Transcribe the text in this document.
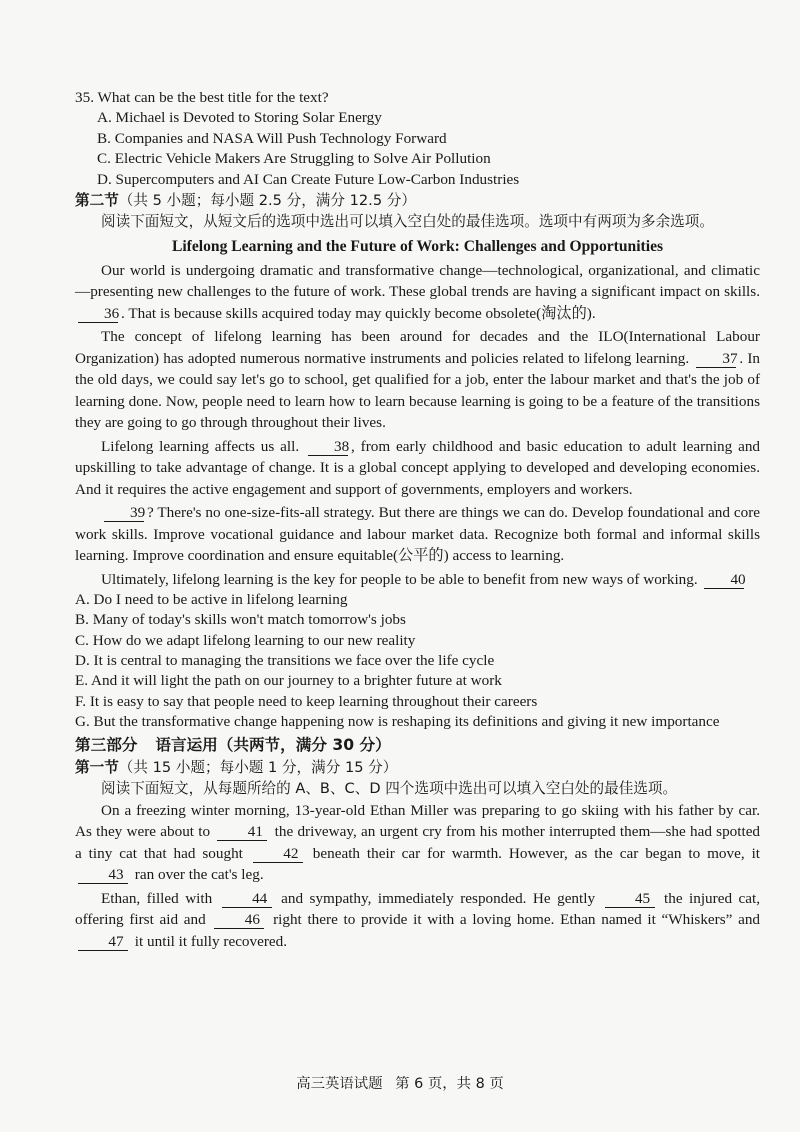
35. What can be the best title for the text?

A. Michael is Devoted to Storing Solar Energy

B. Companies and NASA Will Push Technology Forward

C. Electric Vehicle Makers Are Struggling to Solve Air Pollution

D. Supercomputers and AI Can Create Future Low-Carbon Industries

第二节（共 5 小题；每小题 2.5 分，满分 12.5 分）

阅读下面短文，从短文后的选项中选出可以填入空白处的最佳选项。选项中有两项为多余选项。

Lifelong Learning and the Future of Work: Challenges and Opportunities

Our world is undergoing dramatic and transformative change—technological, organizational, and climatic—presenting new challenges to the future of work. These global trends are having a significant impact on skills. 36 . That is because skills acquired today may quickly become obsolete(淘汰的).

The concept of lifelong learning has been around for decades and the ILO(International Labour Organization) has adopted numerous normative instruments and policies related to lifelong learning. 37 . In the old days, we could say let's go to school, get qualified for a job, enter the labour market and that's the job of learning done. Now, people need to learn how to learn because learning is going to be a feature of the transitions they are going to go through throughout their lives.

Lifelong learning affects us all. 38 , from early childhood and basic education to adult learning and upskilling to take advantage of change. It is a global concept applying to developed and developing economies. And it requires the active engagement and support of governments, employers and workers.

39 ? There's no one-size-fits-all strategy. But there are things we can do. Develop foundational and core work skills. Improve vocational guidance and labour market data. Recognize both formal and informal skills learning. Improve coordination and ensure equitable(公平的) access to learning.

Ultimately, lifelong learning is the key for people to be able to benefit from new ways of working. 40

A. Do I need to be active in lifelong learning

B. Many of today's skills won't match tomorrow's jobs

C. How do we adapt lifelong learning to our new reality

D. It is central to managing the transitions we face over the life cycle

E. And it will light the path on our journey to a brighter future at work

F. It is easy to say that people need to keep learning throughout their careers

G. But the transformative change happening now is reshaping its definitions and giving it new importance

第三部分 语言运用（共两节，满分 30 分）

第一节（共 15 小题；每小题 1 分，满分 15 分）

阅读下面短文，从每题所给的 A、B、C、D 四个选项中选出可以填入空白处的最佳选项。

On a freezing winter morning, 13-year-old Ethan Miller was preparing to go skiing with his father by car. As they were about to 41 the driveway, an urgent cry from his mother interrupted them—she had spotted a tiny cat that had sought	42 beneath their car for warmth. However, as the car began to move, it 43 ran over the cat's leg.

Ethan, filled with	44 and sympathy, immediately responded. He gently	45 the injured cat, offering first aid and	46 right there to provide it with a loving home. Ethan named it “Whiskers” and 47 it until it fully recovered.

高三英语试题 第 6 页，共 8 页
